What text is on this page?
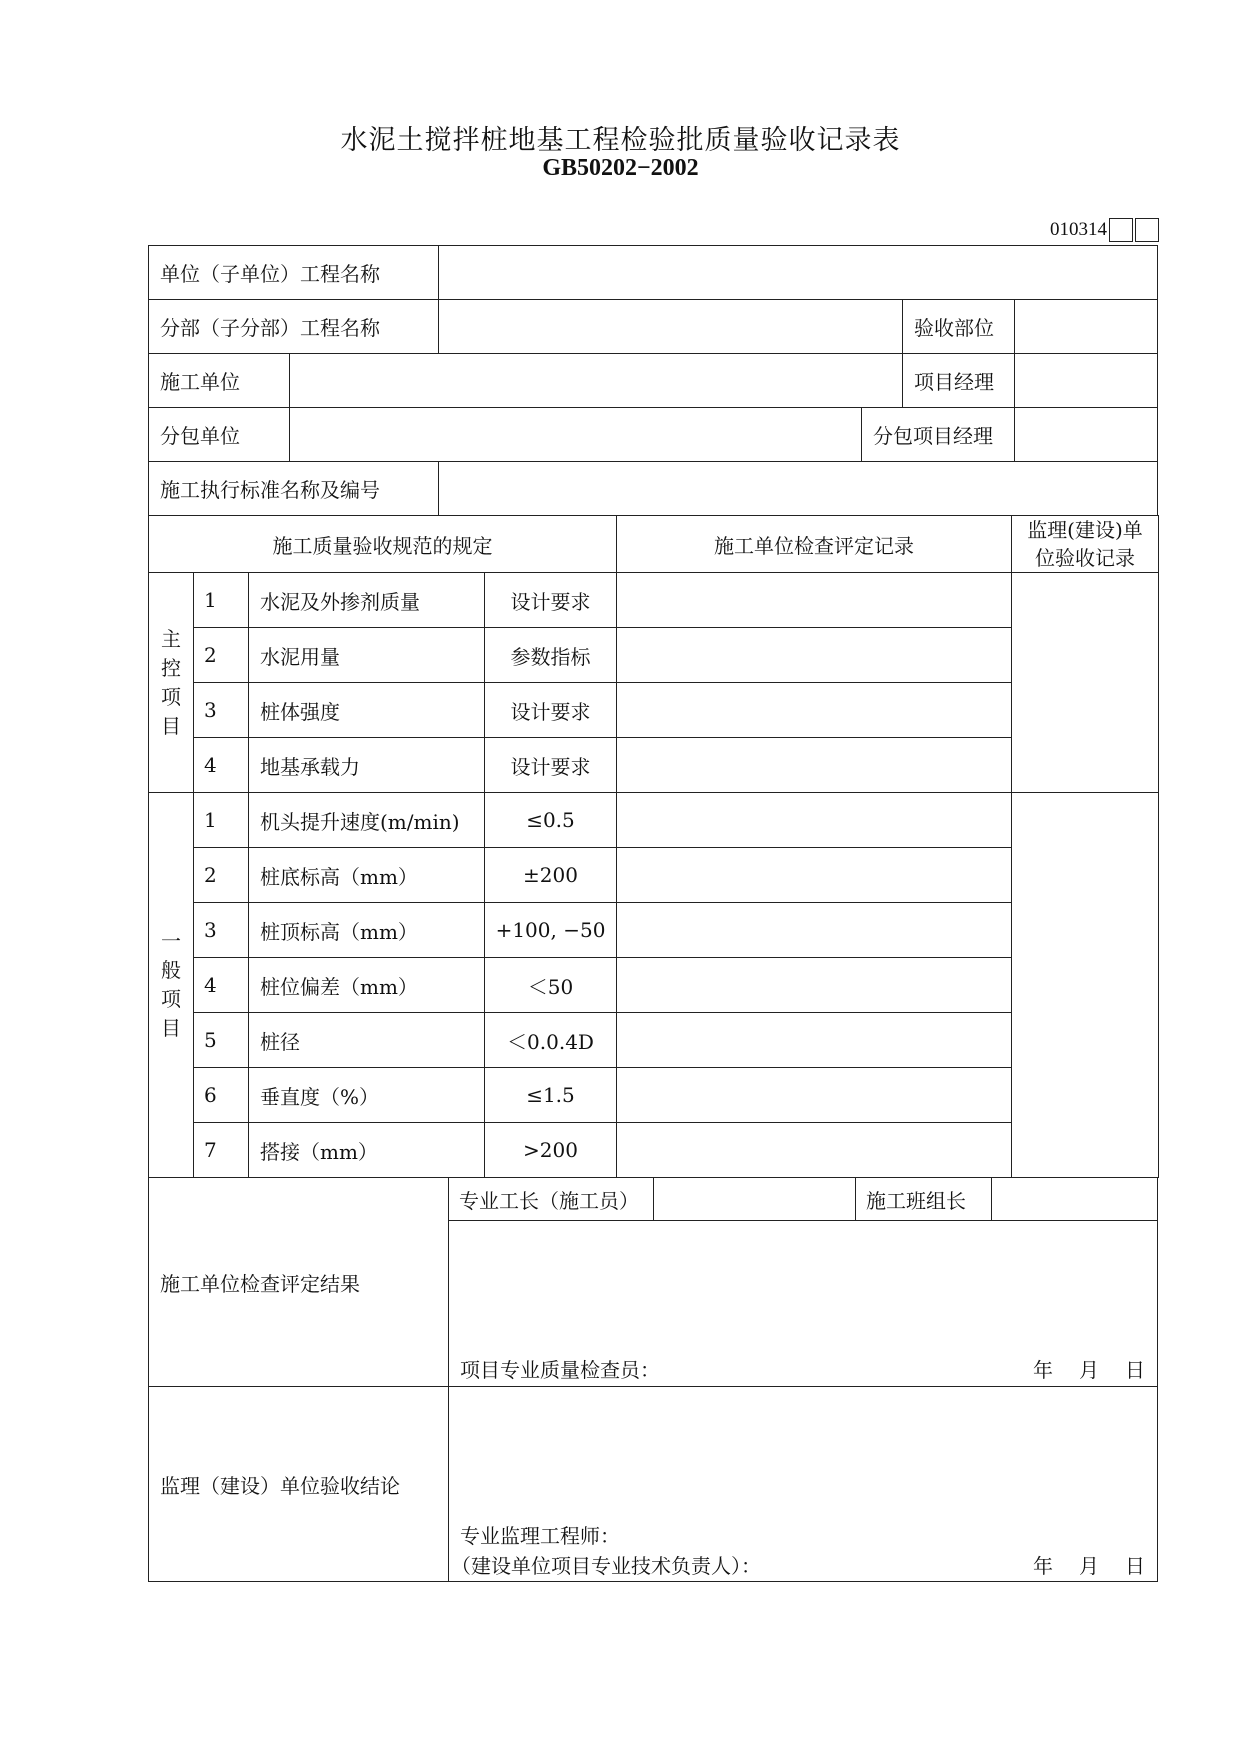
水泥土搅拌桩地基工程检验批质量验收记录表
GB50202−2002
010314
单位（子单位）工程名称
分部（子分部）工程名称	验收部位
施工单位	项目经理
分包单位	分包项目经理
施工执行标准名称及编号
施工质量验收规范的规定				施工单位检查评定记录	监理(建设)单位验收记录
主
控
项
目	1	水泥及外掺剂质量	设计要求		
	2	水泥用量	参数指标		
	3	桩体强度	设计要求		
	4	地基承载力	设计要求		
一
般
项
目	1	机头提升速度(m/min)	≤0.5		
	2	桩底标高（mm）	±200		
	3	桩顶标高（mm）	+100, −50		
	4	桩位偏差（mm）	＜50		
	5	桩径	＜0.0.4D		
	6	垂直度（%）	≤1.5		
	7	搭接（mm）	>200		
施工单位检查评定结果
专业工长（施工员）	施工班组长
项目专业质量检查员：	年 月 日
监理（建设）单位验收结论
专业监理工程师：
（建设单位项目专业技术负责人）：	年 月 日
